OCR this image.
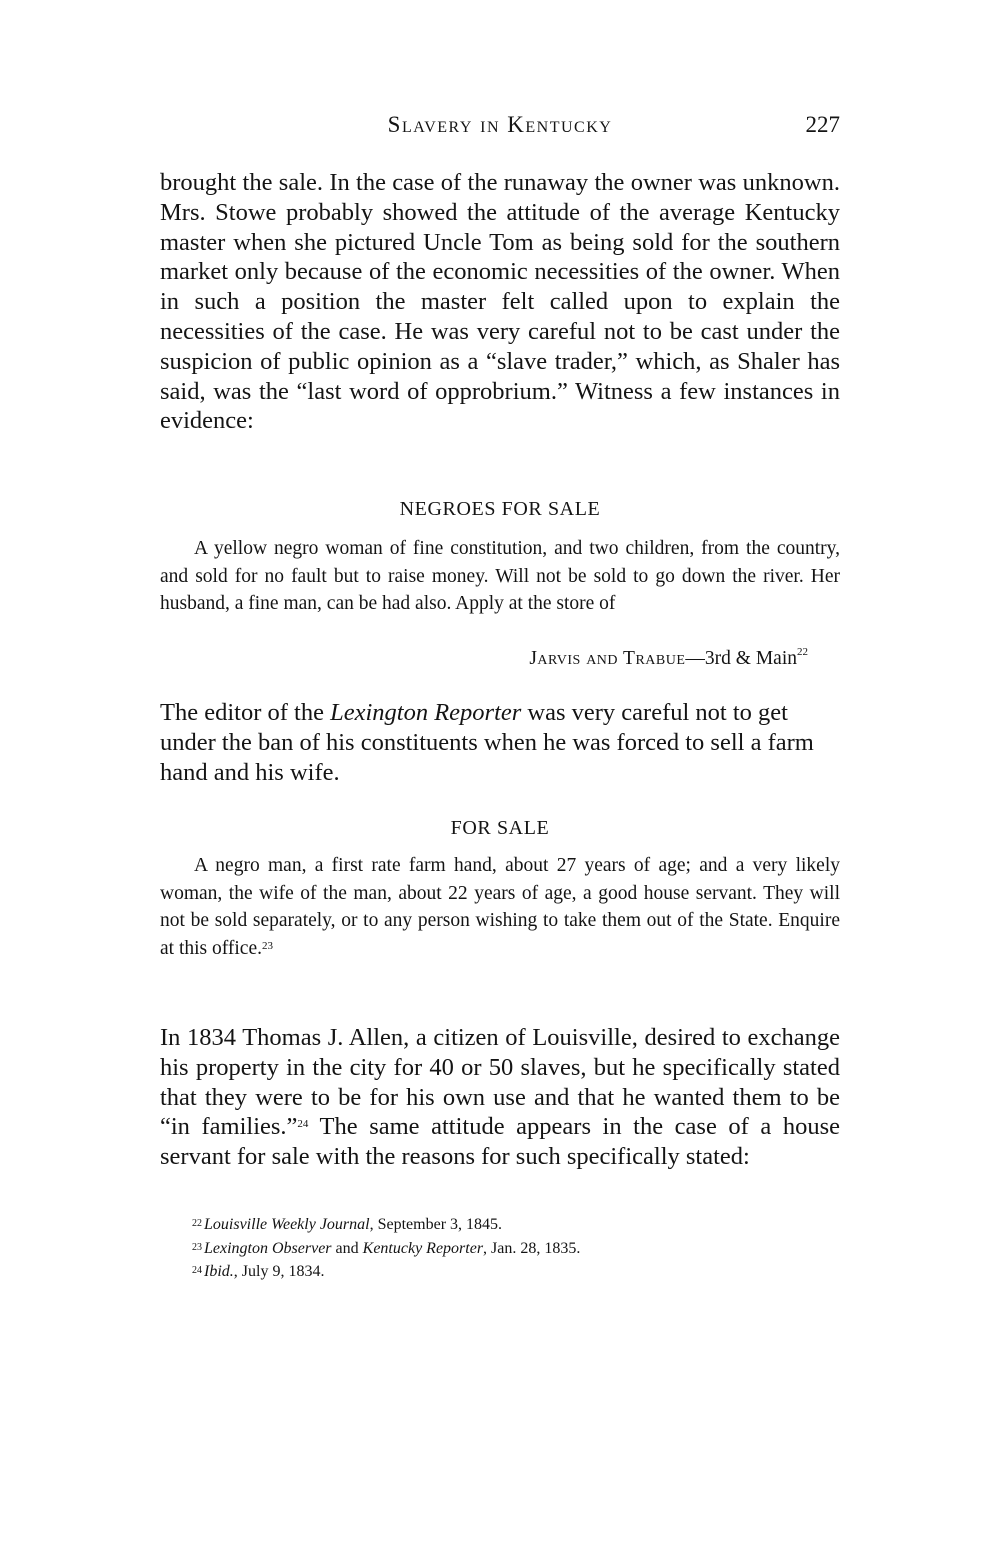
Slavery in Kentucky	227

brought the sale. In the case of the runaway the owner was unknown. Mrs. Stowe probably showed the attitude of the average Kentucky master when she pictured Uncle Tom as being sold for the southern market only because of the economic necessities of the owner. When in such a position the master felt called upon to explain the necessities of the case. He was very careful not to be cast under the suspicion of public opinion as a “slave trader,” which, as Shaler has said, was the “last word of opprobrium.” Witness a few instances in evidence:

NEGROES FOR SALE

A yellow negro woman of fine constitution, and two children, from the country, and sold for no fault but to raise money. Will not be sold to go down the river. Her husband, a fine man, can be had also. Apply at the store of

Jarvis and Trabue—3rd & Main$^{22}$

The editor of the Lexington Reporter was very careful not to get under the ban of his constituents when he was forced to sell a farm hand and his wife.

FOR SALE

A negro man, a first rate farm hand, about 27 years of age; and a very likely woman, the wife of the man, about 22 years of age, a good house servant. They will not be sold separately, or to any person wishing to take them out of the State. Enquire at this office.$^{23}$

In 1834 Thomas J. Allen, a citizen of Louisville, desired to exchange his property in the city for 40 or 50 slaves, but he specifically stated that they were to be for his own use and that he wanted them to be “in families.”$^{24}$ The same attitude appears in the case of a house servant for sale with the reasons for such specifically stated:

$^{22}$ Louisville Weekly Journal, September 3, 1845.
$^{23}$ Lexington Observer and Kentucky Reporter, Jan. 28, 1835.
$^{24}$ Ibid., July 9, 1834.
